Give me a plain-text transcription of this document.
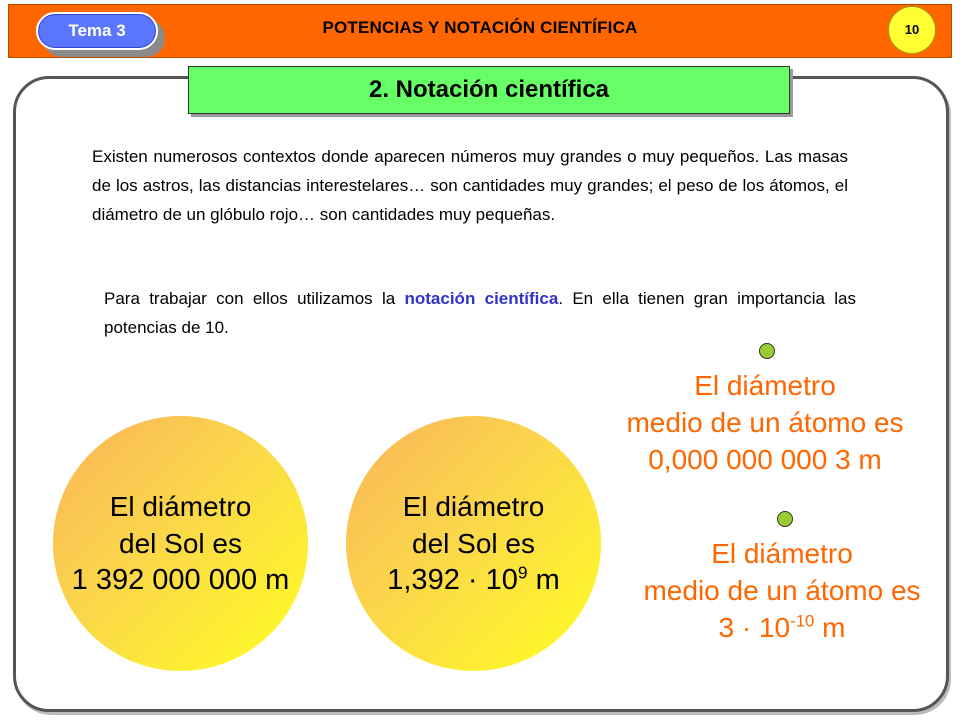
Tema 3	POTENCIAS Y NOTACIÓN CIENTÍFICA	10
2. Notación científica
Existen numerosos contextos donde aparecen números muy grandes o muy pequeños. Las masas de los astros, las distancias interestelares… son cantidades muy grandes; el peso de los átomos, el diámetro de un glóbulo rojo… son cantidades muy pequeñas.
Para trabajar con ellos utilizamos la notación científica. En ella tienen gran importancia las potencias de 10.
El diámetro
del Sol es
1 392 000 000 m
El diámetro
del Sol es
$1,392 \cdot 10^9$ m
El diámetro
medio de un átomo es
0,000 000 000 3 m
El diámetro
medio de un átomo es
$3 \cdot 10^{-10}$ m
